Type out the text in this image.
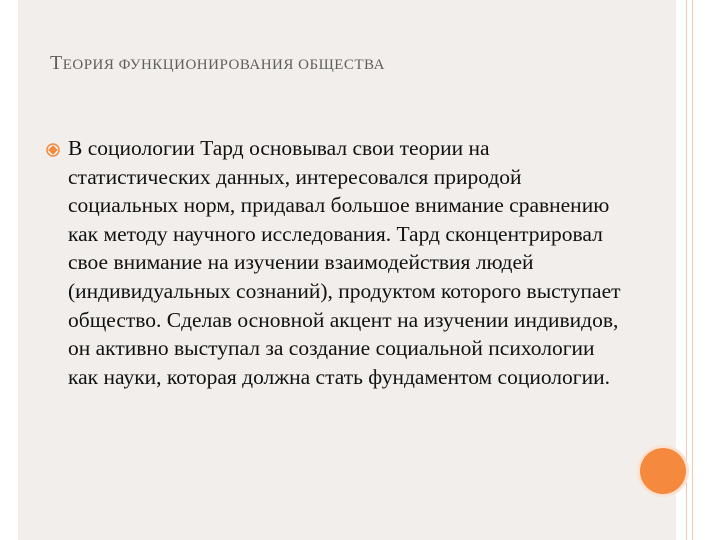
ТЕОРИЯ ФУНКЦИОНИРОВАНИЯ ОБЩЕСТВА

В социологии Тард основывал свои теории на статистических данных, интересовался природой социальных норм, придавал большое внимание сравнению как методу научного исследования. Тард сконцентрировал свое внимание на изучении взаимодействия людей (индивидуальных сознаний), продуктом которого выступает общество. Сделав основной акцент на изучении индивидов, он активно выступал за создание социальной психологии как науки, которая должна стать фундаментом социологии.
